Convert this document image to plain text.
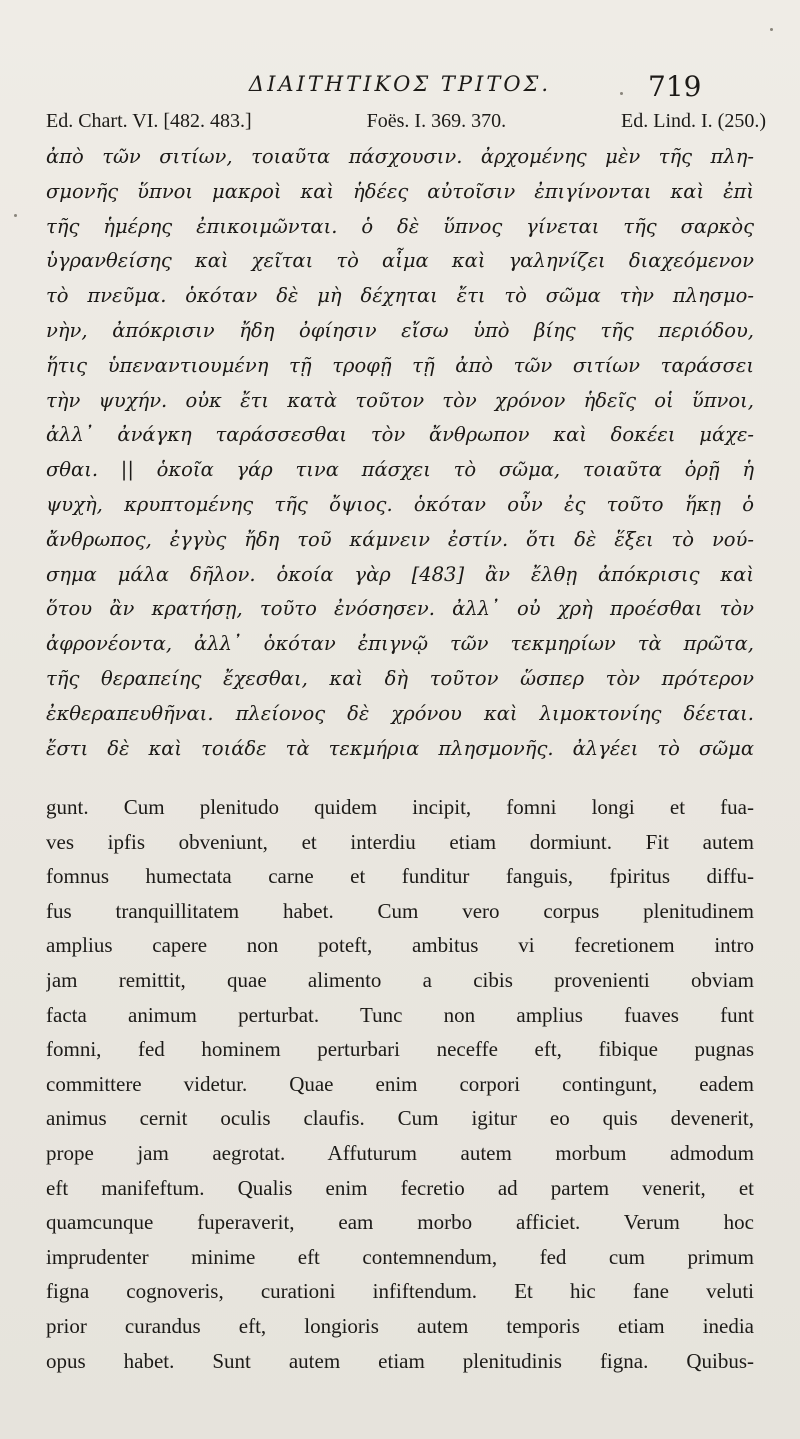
ΔΙΑΙΤΗΤΙΚΟΣ ΤΡΙΤΟΣ.	719
Ed. Chart. VI. [482. 483.]	Foës. I. 369. 370.	Ed. Lind. I. (250.)
ἀπὸ τῶν σιτίων, τοιαῦτα πάσχουσιν. ἀρχομένης μὲν τῆς πλη-
σμονῆς ὕπνοι μακροὶ καὶ ἡδέες αὐτοῖσιν ἐπιγίνονται καὶ ἐπὶ
τῆς ἡμέρης ἐπικοιμῶνται. ὁ δὲ ὕπνος γίνεται τῆς σαρκὸς
ὑγρανθείσης καὶ χεῖται τὸ αἷμα καὶ γαληνίζει διαχεόμενον
τὸ πνεῦμα. ὁκόταν δὲ μὴ δέχηται ἔτι τὸ σῶμα τὴν πλησμο-
νὴν, ἀπόκρισιν ἤδη ὀφίησιν εἴσω ὑπὸ βίης τῆς περιόδου,
ἥτις ὑπεναντιουμένη τῇ τροφῇ τῇ ἀπὸ τῶν σιτίων ταράσσει
τὴν ψυχήν. οὐκ ἔτι κατὰ τοῦτον τὸν χρόνον ἡδεῖς οἱ ὕπνοι,
ἀλλ᾽ ἀνάγκη ταράσσεσθαι τὸν ἄνθρωπον καὶ δοκέει μάχε-
σθαι. || ὁκοῖα γάρ τινα πάσχει τὸ σῶμα, τοιαῦτα ὁρῇ ἡ
ψυχὴ, κρυπτομένης τῆς ὄψιος. ὁκόταν οὖν ἐς τοῦτο ἥκῃ ὁ
ἄνθρωπος, ἐγγὺς ἤδη τοῦ κάμνειν ἐστίν. ὅτι δὲ ἕξει τὸ νού-
σημα μάλα δῆλον. ὁκοία γὰρ [483] ἂν ἔλθῃ ἀπόκρισις καὶ
ὅτου ἂν κρατήσῃ, τοῦτο ἐνόσησεν. ἀλλ᾽ οὐ χρὴ προέσθαι τὸν
ἀφρονέοντα, ἀλλ᾽ ὁκόταν ἐπιγνῷ τῶν τεκμηρίων τὰ πρῶτα,
τῆς θεραπείης ἔχεσθαι, καὶ δὴ τοῦτον ὥσπερ τὸν πρότερον
ἐκθεραπευθῆναι. πλείονος δὲ χρόνου καὶ λιμοκτονίης δέεται.
ἔστι δὲ καὶ τοιάδε τὰ τεκμήρια πλησμονῆς. ἀλγέει τὸ σῶμα
gunt. Cum plenitudo quidem incipit, fomni longi et fua-
ves ipfis obveniunt, et interdiu etiam dormiunt. Fit autem
fomnus humectata carne et funditur fanguis, fpiritus diffu-
fus tranquillitatem habet. Cum vero corpus plenitudinem
amplius capere non poteft, ambitus vi fecretionem intro
jam remittit, quae alimento a cibis provenienti obviam
facta animum perturbat. Tunc non amplius fuaves funt
fomni, fed hominem perturbari neceffe eft, fibique pugnas
committere videtur. Quae enim corpori contingunt, eadem
animus cernit oculis claufis. Cum igitur eo quis devenerit,
prope jam aegrotat. Affuturum autem morbum admodum
eft manifeftum. Qualis enim fecretio ad partem venerit, et
quamcunque fuperaverit, eam morbo afficiet. Verum hoc
imprudenter minime eft contemnendum, fed cum primum
figna cognoveris, curationi infiftendum. Et hic fane veluti
prior curandus eft, longioris autem temporis etiam inedia
opus habet. Sunt autem etiam plenitudinis figna. Quibus-
